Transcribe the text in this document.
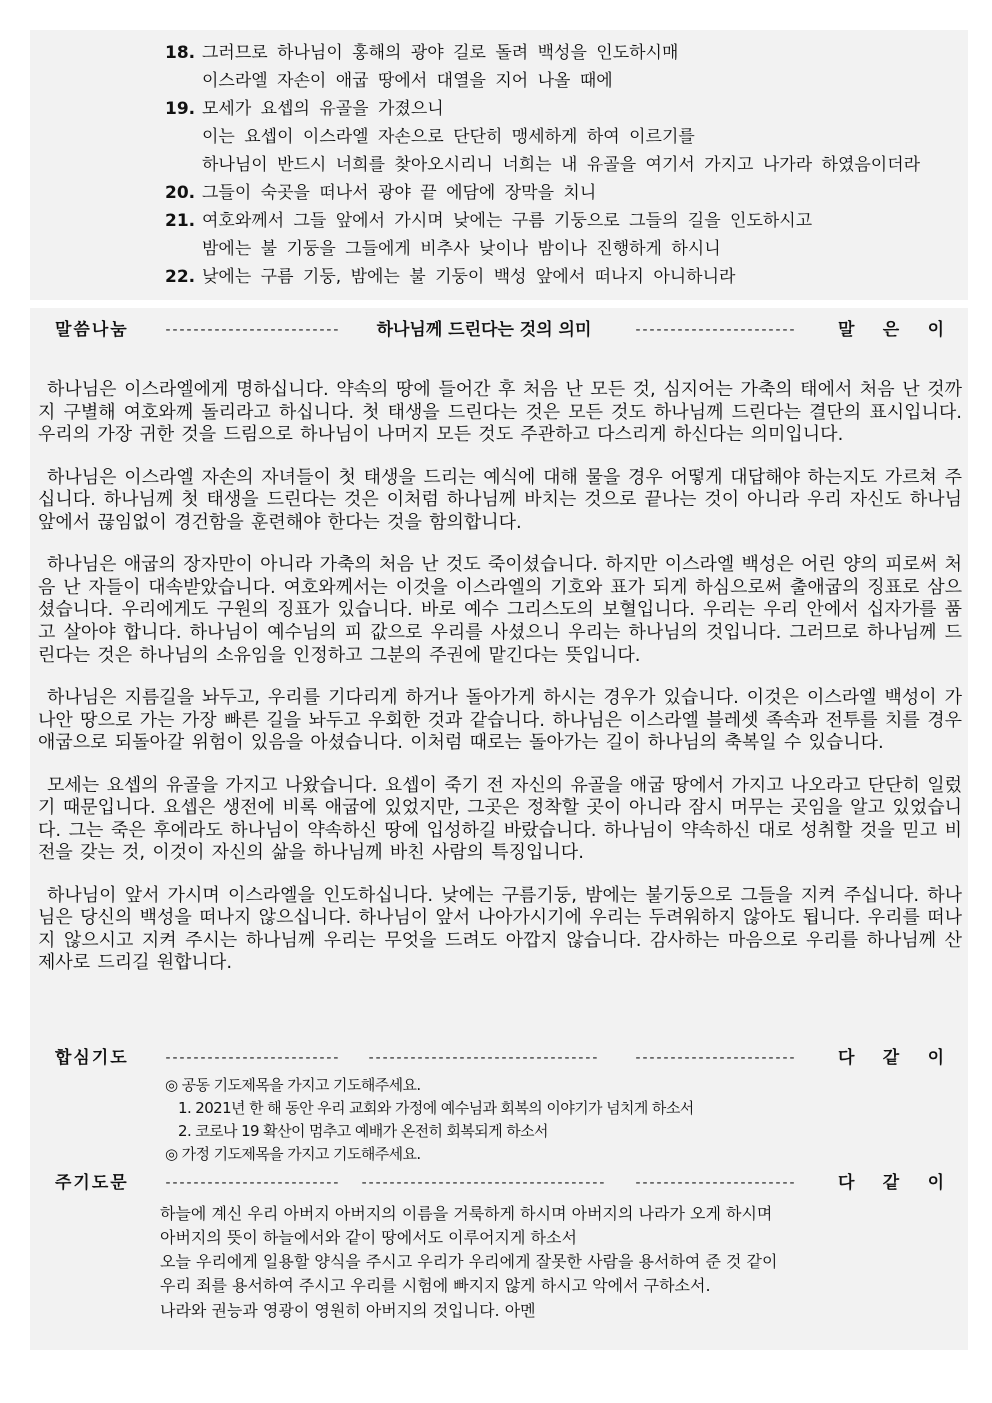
18. 그러므로 하나님이 홍해의 광야 길로 돌려 백성을 인도하시매
이스라엘 자손이 애굽 땅에서 대열을 지어 나올 때에
19. 모세가 요셉의 유골을 가졌으니
이는 요셉이 이스라엘 자손으로 단단히 맹세하게 하여 이르기를
하나님이 반드시 너희를 찾아오시리니 너희는 내 유골을 여기서 가지고 나가라 하였음이더라
20. 그들이 숙곳을 떠나서 광야 끝 에담에 장막을 치니
21. 여호와께서 그들 앞에서 가시며 낮에는 구름 기둥으로 그들의 길을 인도하시고
밤에는 불 기둥을 그들에게 비추사 낮이나 밤이나 진행하게 하시니
22. 낮에는 구름 기둥, 밤에는 불 기둥이 백성 앞에서 떠나지 아니하니라
말씀나눔	-------------------------	하나님께 드린다는 것의 의미	----------------------- 말 은 이

하나님은 이스라엘에게 명하십니다. 약속의 땅에 들어간 후 처음 난 모든 것, 심지어는 가축의 태에서 처음 난 것까지 구별해 여호와께 돌리라고 하십니다. 첫 태생을 드린다는 것은 모든 것도 하나님께 드린다는 결단의 표시입니다. 우리의 가장 귀한 것을 드림으로 하나님이 나머지 모든 것도 주관하고 다스리게 하신다는 의미입니다.

하나님은 이스라엘 자손의 자녀들이 첫 태생을 드리는 예식에 대해 물을 경우 어떻게 대답해야 하는지도 가르쳐 주십니다. 하나님께 첫 태생을 드린다는 것은 이처럼 하나님께 바치는 것으로 끝나는 것이 아니라 우리 자신도 하나님 앞에서 끊임없이 경건함을 훈련해야 한다는 것을 함의합니다.

하나님은 애굽의 장자만이 아니라 가축의 처음 난 것도 죽이셨습니다. 하지만 이스라엘 백성은 어린 양의 피로써 처음 난 자들이 대속받았습니다. 여호와께서는 이것을 이스라엘의 기호와 표가 되게 하심으로써 출애굽의 징표로 삼으셨습니다. 우리에게도 구원의 징표가 있습니다. 바로 예수 그리스도의 보혈입니다. 우리는 우리 안에서 십자가를 품고 살아야 합니다. 하나님이 예수님의 피 값으로 우리를 사셨으니 우리는 하나님의 것입니다. 그러므로 하나님께 드린다는 것은 하나님의 소유임을 인정하고 그분의 주권에 맡긴다는 뜻입니다.

하나님은 지름길을 놔두고, 우리를 기다리게 하거나 돌아가게 하시는 경우가 있습니다. 이것은 이스라엘 백성이 가나안 땅으로 가는 가장 빠른 길을 놔두고 우회한 것과 같습니다. 하나님은 이스라엘 블레셋 족속과 전투를 치를 경우 애굽으로 되돌아갈 위험이 있음을 아셨습니다. 이처럼 때로는 돌아가는 길이 하나님의 축복일 수 있습니다.

모세는 요셉의 유골을 가지고 나왔습니다. 요셉이 죽기 전 자신의 유골을 애굽 땅에서 가지고 나오라고 단단히 일렀기 때문입니다. 요셉은 생전에 비록 애굽에 있었지만, 그곳은 정착할 곳이 아니라 잠시 머무는 곳임을 알고 있었습니다. 그는 죽은 후에라도 하나님이 약속하신 땅에 입성하길 바랐습니다. 하나님이 약속하신 대로 성취할 것을 믿고 비전을 갖는 것, 이것이 자신의 삶을 하나님께 바친 사람의 특징입니다.

하나님이 앞서 가시며 이스라엘을 인도하십니다. 낮에는 구름기둥, 밤에는 불기둥으로 그들을 지켜 주십니다. 하나님은 당신의 백성을 떠나지 않으십니다. 하나님이 앞서 나아가시기에 우리는 두려워하지 않아도 됩니다. 우리를 떠나지 않으시고 지켜 주시는 하나님께 우리는 무엇을 드려도 아깝지 않습니다. 감사하는 마음으로 우리를 하나님께 산 제사로 드리길 원합니다.

합심기도	-------------------------	---------------------------------	----------------------- 다 같 이
◎ 공동 기도제목을 가지고 기도해주세요.
1. 2021년 한 해 동안 우리 교회와 가정에 예수님과 회복의 이야기가 넘치게 하소서
2. 코로나 19 확산이 멈추고 예배가 온전히 회복되게 하소서
◎ 가정 기도제목을 가지고 기도해주세요.
주기도문	-------------------------	-----------------------------------	----------------------- 다 같 이
하늘에 계신 우리 아버지 아버지의 이름을 거룩하게 하시며 아버지의 나라가 오게 하시며
아버지의 뜻이 하늘에서와 같이 땅에서도 이루어지게 하소서
오늘 우리에게 일용할 양식을 주시고 우리가 우리에게 잘못한 사람을 용서하여 준 것 같이
우리 죄를 용서하여 주시고 우리를 시험에 빠지지 않게 하시고 악에서 구하소서.
나라와 권능과 영광이 영원히 아버지의 것입니다. 아멘
